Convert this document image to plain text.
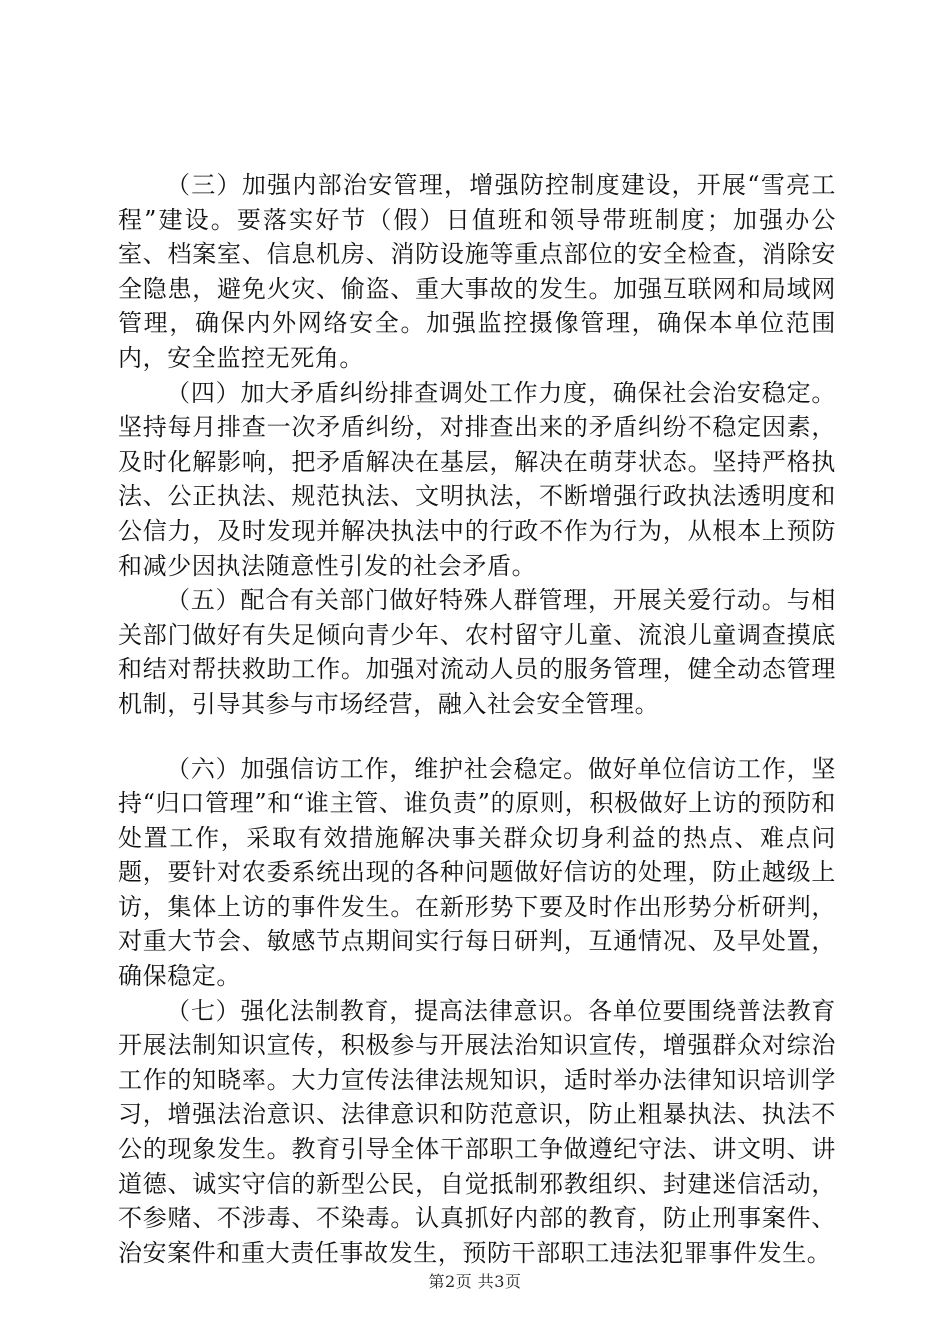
（三）加强内部治安管理，增强防控制度建设，开展“雪亮工程”建设。要落实好节（假）日值班和领导带班制度；加强办公室、档案室、信息机房、消防设施等重点部位的安全检查，消除安全隐患，避免火灾、偷盗、重大事故的发生。加强互联网和局域网管理，确保内外网络安全。加强监控摄像管理，确保本单位范围内，安全监控无死角。

（四）加大矛盾纠纷排查调处工作力度，确保社会治安稳定。坚持每月排查一次矛盾纠纷，对排查出来的矛盾纠纷不稳定因素，及时化解影响，把矛盾解决在基层，解决在萌芽状态。坚持严格执法、公正执法、规范执法、文明执法，不断增强行政执法透明度和公信力，及时发现并解决执法中的行政不作为行为，从根本上预防和减少因执法随意性引发的社会矛盾。

（五）配合有关部门做好特殊人群管理，开展关爱行动。与相关部门做好有失足倾向青少年、农村留守儿童、流浪儿童调查摸底和结对帮扶救助工作。加强对流动人员的服务管理，健全动态管理机制，引导其参与市场经营，融入社会安全管理。

（六）加强信访工作，维护社会稳定。做好单位信访工作，坚持“归口管理”和“谁主管、谁负责”的原则，积极做好上访的预防和处置工作，采取有效措施解决事关群众切身利益的热点、难点问题，要针对农委系统出现的各种问题做好信访的处理，防止越级上访，集体上访的事件发生。在新形势下要及时作出形势分析研判，对重大节会、敏感节点期间实行每日研判，互通情况、及早处置，确保稳定。

（七）强化法制教育，提高法律意识。各单位要围绕普法教育开展法制知识宣传，积极参与开展法治知识宣传，增强群众对综治工作的知晓率。大力宣传法律法规知识，适时举办法律知识培训学习，增强法治意识、法律意识和防范意识，防止粗暴执法、执法不公的现象发生。教育引导全体干部职工争做遵纪守法、讲文明、讲道德、诚实守信的新型公民，自觉抵制邪教组织、封建迷信活动，不参赌、不涉毒、不染毒。认真抓好内部的教育，防止刑事案件、治安案件和重大责任事故发生，预防干部职工违法犯罪事件发生。

第2页 共3页
